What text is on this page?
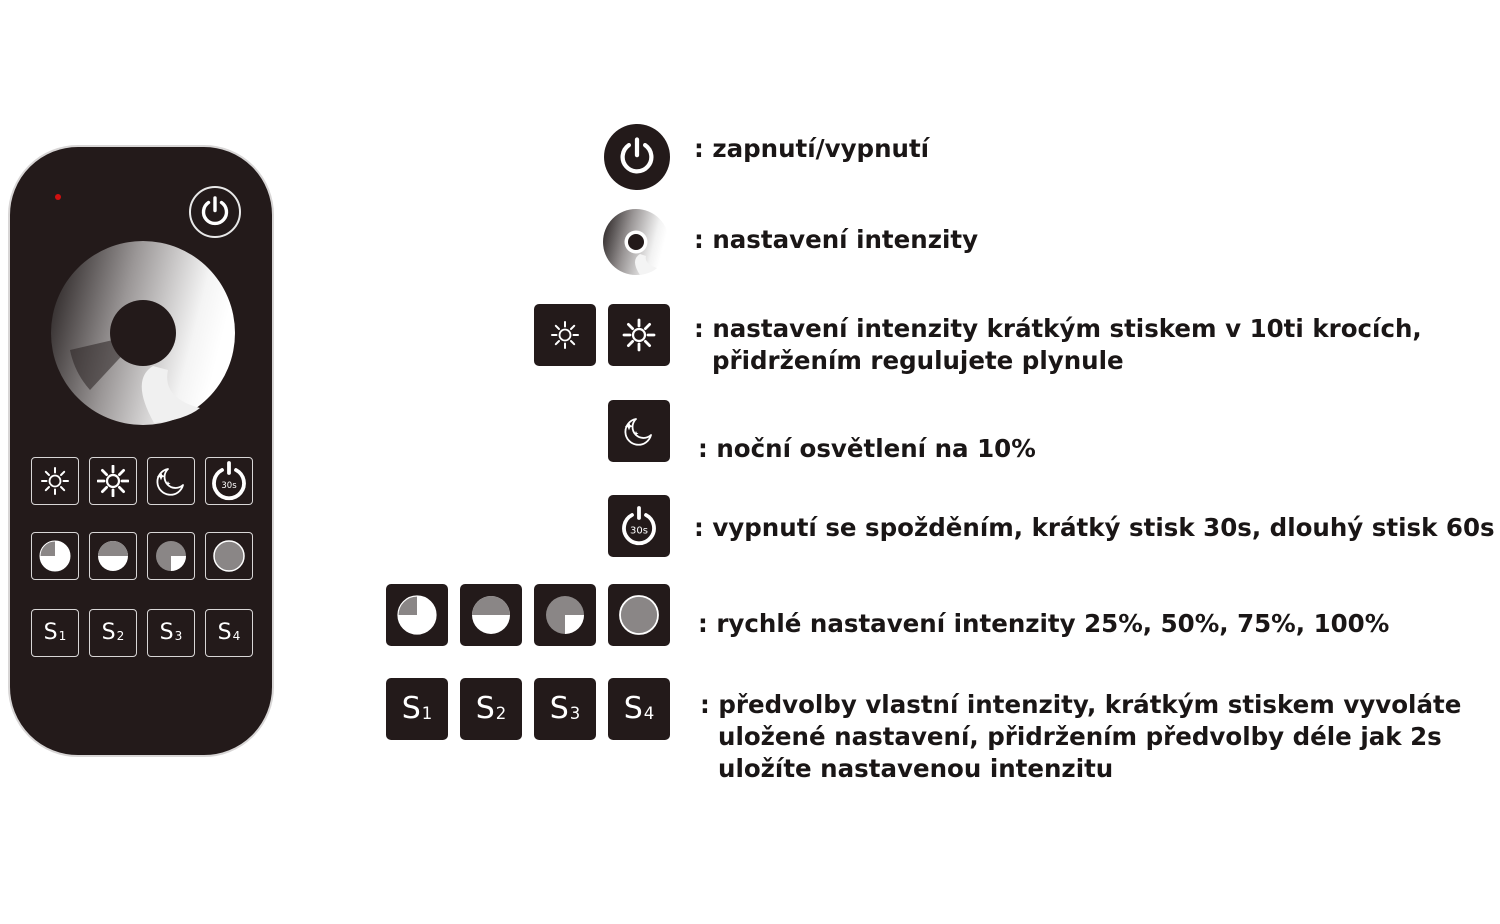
30s
$S_1$ $S_2$ $S_3$ $S_4$
: zapnutí/vypnutí
: nastavení intenzity
: nastavení intenzity krátkým stiskem v 10ti krocích,
přidržením regulujete plynule
: noční osvětlení na 10%
30s : vypnutí se spožděním, krátký stisk 30s, dlouhý stisk 60s
: rychlé nastavení intenzity 25%, 50%, 75%, 100%
$S_1$ $S_2$ $S_3$ $S_4$ : předvolby vlastní intenzity, krátkým stiskem vyvoláte
uložené nastavení, přidržením předvolby déle jak 2s
uložíte nastavenou intenzitu
